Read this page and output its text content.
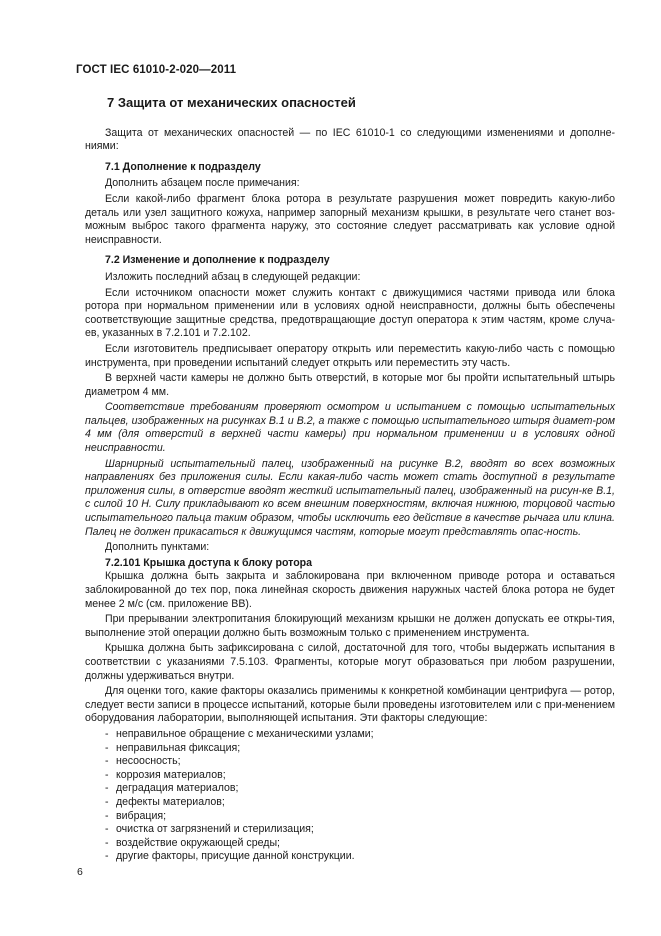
ГОСТ IEC 61010-2-020—2011
7 Защита от механических опасностей

Защита от механических опасностей — по IEC 61010-1 со следующими изменениями и дополне-ниями:

7.1 Дополнение к подразделу

Дополнить абзацем после примечания:

Если какой-либо фрагмент блока ротора в результате разрушения может повредить какую-либо деталь или узел защитного кожуха, например запорный механизм крышки, в результате чего станет воз-можным выброс такого фрагмента наружу, это состояние следует рассматривать как условие одной неисправности.

7.2 Изменение и дополнение к подразделу

Изложить последний абзац в следующей редакции:

Если источником опасности может служить контакт с движущимися частями привода или блока ротора при нормальном применении или в условиях одной неисправности, должны быть обеспечены соответствующие защитные средства, предотвращающие доступ оператора к этим частям, кроме случа-ев, указанных в 7.2.101 и 7.2.102.

Если изготовитель предписывает оператору открыть или переместить какую-либо часть с помощью инструмента, при проведении испытаний следует открыть или переместить эту часть.

В верхней части камеры не должно быть отверстий, в которые мог бы пройти испытательный штырь диаметром 4 мм.

Соответствие требованиям проверяют осмотром и испытанием с помощью испытательных пальцев, изображенных на рисунках В.1 и В.2, а также с помощью испытательного штыря диамет-ром 4 мм (для отверстий в верхней части камеры) при нормальном применении и в условиях одной неисправности.

Шарнирный испытательный палец, изображенный на рисунке В.2, вводят во всех возможных направлениях без приложения силы. Если какая-либо часть может стать доступной в результате приложения силы, в отверстие вводят жесткий испытательный палец, изображенный на рисун-ке В.1, с силой 10 Н. Силу прикладывают ко всем внешним поверхностям, включая нижнюю, торцовой частью испытательного пальца таким образом, чтобы исключить его действие в качестве рычага или клина. Палец не должен прикасаться к движущимся частям, которые могут представлять опас-ность.

Дополнить пунктами:

7.2.101 Крышка доступа к блоку ротора

Крышка должна быть закрыта и заблокирована при включенном приводе ротора и оставаться заблокированной до тех пор, пока линейная скорость движения наружных частей блока ротора не будет менее 2 м/с (см. приложение ВВ).

При прерывании электропитания блокирующий механизм крышки не должен допускать ее откры-тия, выполнение этой операции должно быть возможным только с применением инструмента.

Крышка должна быть зафиксирована с силой, достаточной для того, чтобы выдержать испытания в соответствии с указаниями 7.5.103. Фрагменты, которые могут образоваться при любом разрушении, должны удерживаться внутри.

Для оценки того, какие факторы оказались применимы к конкретной комбинации центрифуга — ротор, следует вести записи в процессе испытаний, которые были проведены изготовителем или с при-менением оборудования лаборатории, выполняющей испытания. Эти факторы следующие:

- неправильное обращение с механическими узлами;
- неправильная фиксация;
- несоосность;
- коррозия материалов;
- деградация материалов;
- дефекты материалов;
- вибрация;
- очистка от загрязнений и стерилизация;
- воздействие окружающей среды;
- другие факторы, присущие данной конструкции.
6
